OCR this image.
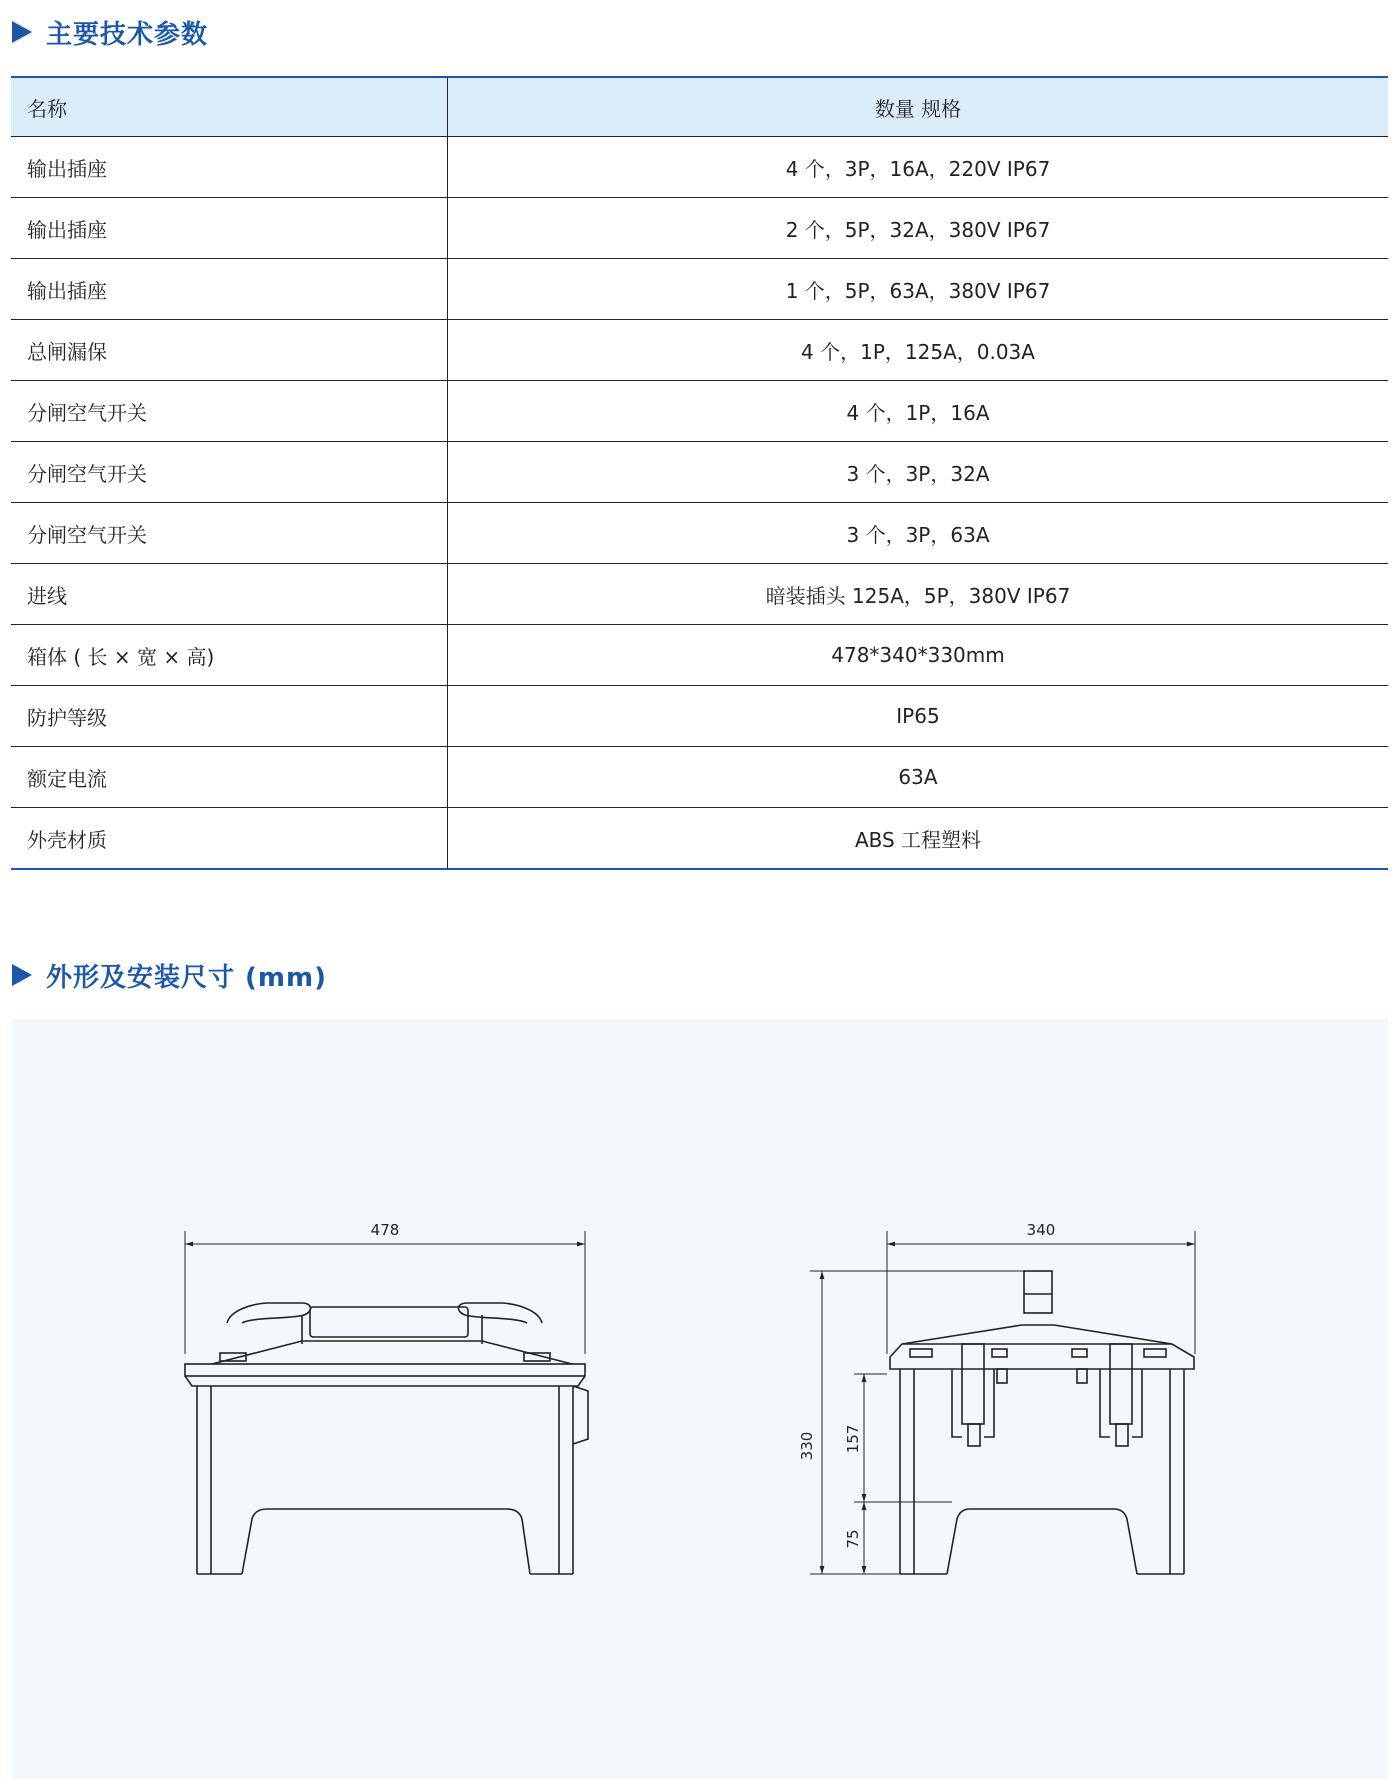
主要技术参数
名称	数量 规格
输出插座	4 个，3P，16A，220V IP67
输出插座	2 个，5P，32A，380V IP67
输出插座	1 个，5P，63A，380V IP67
总闸漏保	4 个，1P，125A，0.03A
分闸空气开关	4 个，1P，16A
分闸空气开关	3 个，3P，32A
分闸空气开关	3 个，3P，63A
进线	暗装插头 125A，5P，380V IP67
箱体 ( 长 × 宽 × 高)	478*340*330mm
防护等级	IP65
额定电流	63A
外壳材质	ABS 工程塑料
外形及安装尺寸 (mm)
478	340
330 157
75
